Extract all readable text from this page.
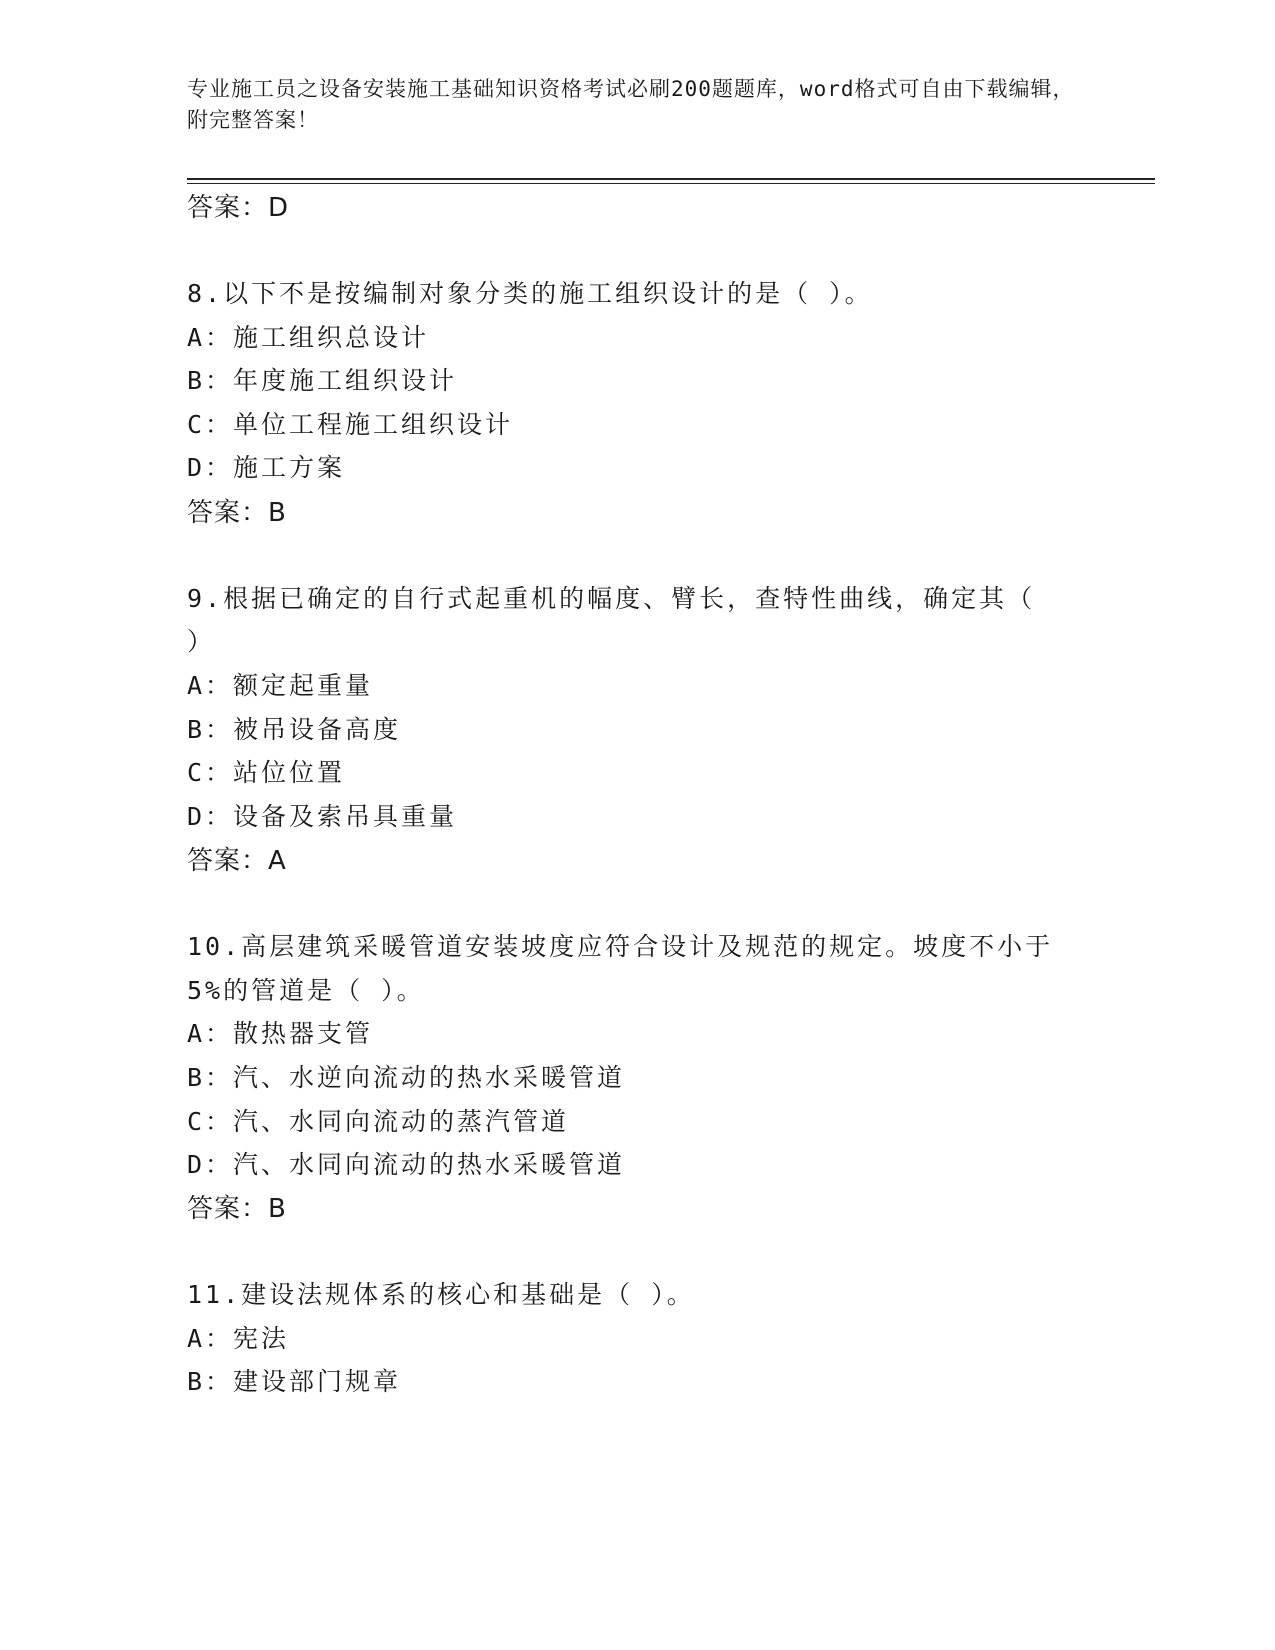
专业施工员之设备安装施工基础知识资格考试必刷200题题库，word格式可自由下载编辑，附完整答案！
答案：D
8.以下不是按编制对象分类的施工组织设计的是（ ）。
A：施工组织总设计
B：年度施工组织设计
C：单位工程施工组织设计
D：施工方案
答案：B
9.根据已确定的自行式起重机的幅度、臂长，查特性曲线，确定其（
）
A：额定起重量
B：被吊设备高度
C：站位位置
D：设备及索吊具重量
答案：A
10.高层建筑采暖管道安装坡度应符合设计及规范的规定。坡度不小于
5%的管道是（ ）。
A：散热器支管
B：汽、水逆向流动的热水采暖管道
C：汽、水同向流动的蒸汽管道
D：汽、水同向流动的热水采暖管道
答案：B
11.建设法规体系的核心和基础是（ ）。
A：宪法
B：建设部门规章
